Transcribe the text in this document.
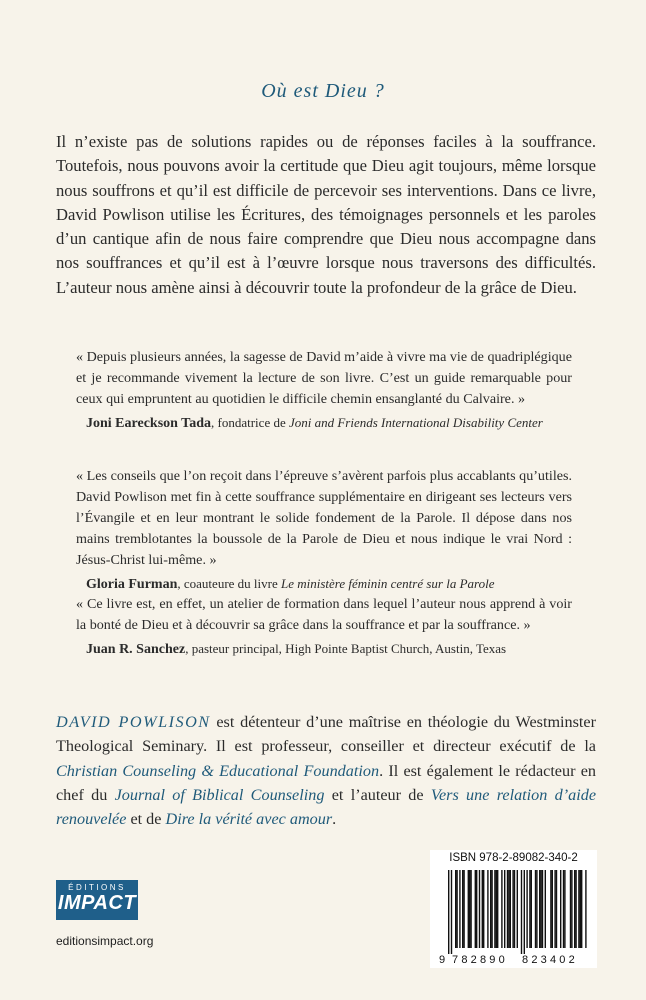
Où est Dieu ?
Il n’existe pas de solutions rapides ou de réponses faciles à la souffrance. Toutefois, nous pouvons avoir la certitude que Dieu agit toujours, même lorsque nous souffrons et qu’il est difficile de percevoir ses interventions. Dans ce livre, David Powlison utilise les Écritures, des témoignages personnels et les paroles d’un cantique afin de nous faire comprendre que Dieu nous accompagne dans nos souffrances et qu’il est à l’œuvre lorsque nous traversons des difficultés. L’auteur nous amène ainsi à découvrir toute la profondeur de la grâce de Dieu.

« Depuis plusieurs années, la sagesse de David m’aide à vivre ma vie de quadriplégique et je recommande vivement la lecture de son livre. C’est un guide remarquable pour ceux qui empruntent au quotidien le difficile chemin ensanglanté du Calvaire. »

Joni Eareckson Tada, fondatrice de Joni and Friends International Disability Center

« Les conseils que l’on reçoit dans l’épreuve s’avèrent parfois plus accablants qu’utiles. David Powlison met fin à cette souffrance supplémentaire en dirigeant ses lecteurs vers l’Évangile et en leur montrant le solide fondement de la Parole. Il dépose dans nos mains tremblotantes la boussole de la Parole de Dieu et nous indique le vrai Nord : Jésus-Christ lui-même. »

Gloria Furman, coauteure du livre Le ministère féminin centré sur la Parole

« Ce livre est, en effet, un atelier de formation dans lequel l’auteur nous apprend à voir la bonté de Dieu et à découvrir sa grâce dans la souffrance et par la souffrance. »

Juan R. Sanchez, pasteur principal, High Pointe Baptist Church, Austin, Texas
DAVID POWLISON est détenteur d’une maîtrise en théologie du Westminster Theological Seminary. Il est professeur, conseiller et directeur exécutif de la Christian Counseling & Educational Foundation. Il est également le rédacteur en chef du Journal of Biblical Counseling et l’auteur de Vers une relation d’aide renouvelée et de Dire la vérité avec amour.
ÉDITIONS
IMPACT
editionsimpact.org
ISBN 978-2-89082-340-2
9 782890 823402
